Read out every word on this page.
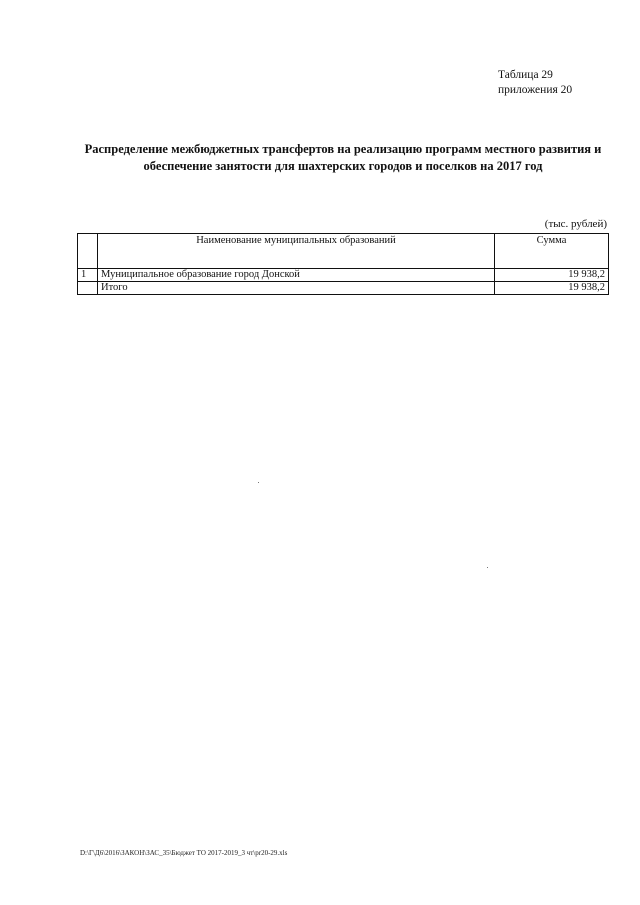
Таблица 29
приложения 20
Распределение межбюджетных трансфертов на реализацию программ местного развития и обеспечение занятости для шахтерских городов и поселков на 2017 год
(тыс. рублей)
	Наименование муниципальных образований	Сумма
1	Муниципальное образование город Донской	19 938,2
	Итого	19 938,2
D:\Г\Д6\2016\ЗАКОН\ЗАС_35\Бюджет ТО 2017-2019_3 чт\pr20-29.xls
